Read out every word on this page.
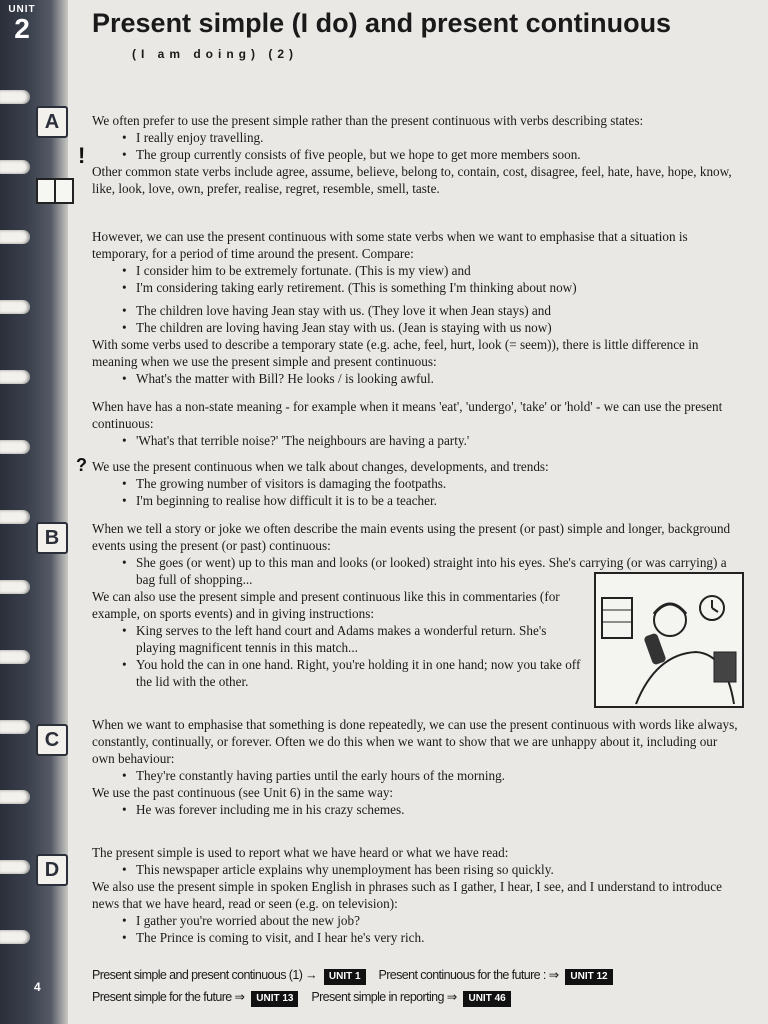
UNIT
2
A
B
C
D
!
?
4
Present simple (I do) and present continuous
(I am doing) (2)

We often prefer to use the present simple rather than the present continuous with verbs describing states:

• I really enjoy travelling.
• The group currently consists of five people, but we hope to get more members soon.

Other common state verbs include agree, assume, believe, belong to, contain, cost, disagree, feel, hate, have, hope, know, like, look, love, own, prefer, realise, regret, resemble, smell, taste.

However, we can use the present continuous with some state verbs when we want to emphasise that a situation is temporary, for a period of time around the present. Compare:

• I consider him to be extremely fortunate. (This is my view) and
• I'm considering taking early retirement. (This is something I'm thinking about now)
• The children love having Jean stay with us. (They love it when Jean stays) and
• The children are loving having Jean stay with us. (Jean is staying with us now)

With some verbs used to describe a temporary state (e.g. ache, feel, hurt, look (= seem)), there is little difference in meaning when we use the present simple and present continuous:

• What's the matter with Bill? He looks / is looking awful.

When have has a non-state meaning - for example when it means 'eat', 'undergo', 'take' or 'hold' - we can use the present continuous:

• 'What's that terrible noise?' 'The neighbours are having a party.'

We use the present continuous when we talk about changes, developments, and trends:

• The growing number of visitors is damaging the footpaths.
• I'm beginning to realise how difficult it is to be a teacher.

When we tell a story or joke we often describe the main events using the present (or past) simple and longer, background events using the present (or past) continuous:

• She goes (or went) up to this man and looks (or looked) straight into his eyes. She's carrying (or was carrying) a bag full of shopping...

We can also use the present simple and present continuous like this in commentaries (for example, on sports events) and in giving instructions:

• King serves to the left hand court and Adams makes a wonderful return. She's playing magnificent tennis in this match...
• You hold the can in one hand. Right, you're holding it in one hand; now you take off the lid with the other.

When we want to emphasise that something is done repeatedly, we can use the present continuous with words like always, constantly, continually, or forever. Often we do this when we want to show that we are unhappy about it, including our own behaviour:

• They're constantly having parties until the early hours of the morning.

We use the past continuous (see Unit 6) in the same way:

• He was forever including me in his crazy schemes.

The present simple is used to report what we have heard or what we have read:

• This newspaper article explains why unemployment has been rising so quickly.

We also use the present simple in spoken English in phrases such as I gather, I hear, I see, and I understand to introduce news that we have heard, read or seen (e.g. on television):

• I gather you're worried about the new job?
• The Prince is coming to visit, and I hear he's very rich.
Present simple and present continuous (1) → UNIT 1 Present continuous for the future : ⇒ UNIT 12
Present simple for the future ⇒ UNIT 13 Present simple in reporting ⇒ UNIT 46
